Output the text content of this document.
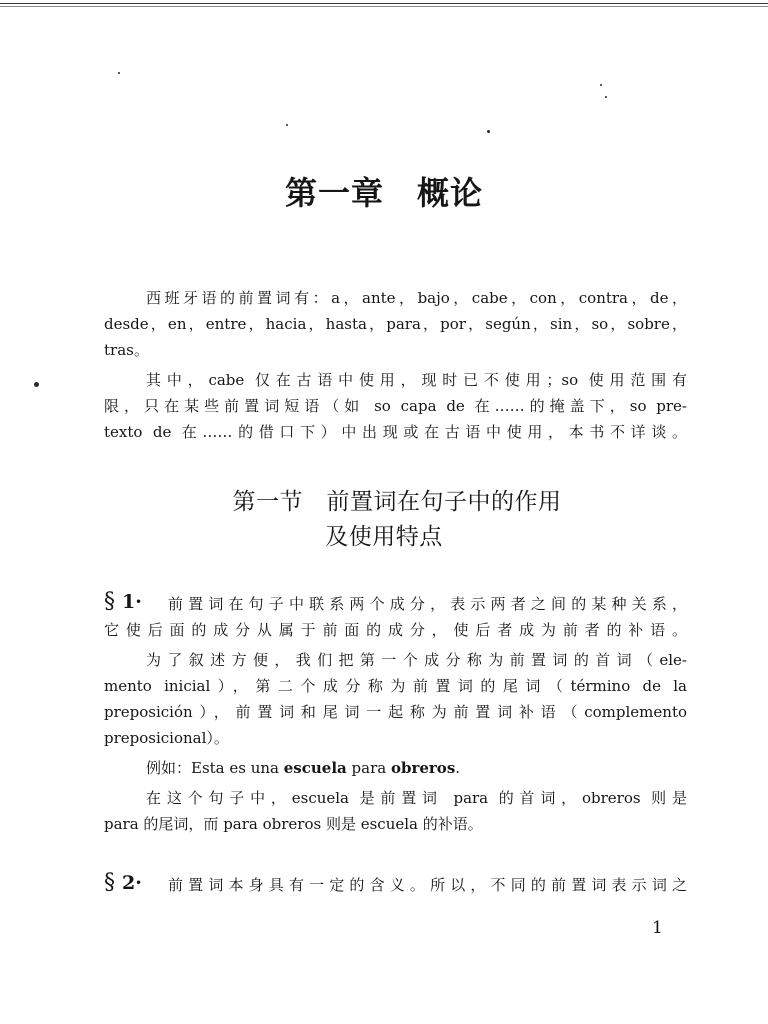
第一章　概论
西班牙语的前置词有：a，ante，bajo，cabe，con，contra，de，
desde，en，entre，hacia，hasta，para，por，según，sin，so，sobre，
tras。
其中，cabe 仅在古语中使用，现时已不使用；so 使用范围有
限，只在某些前置词短语（如 so capa de 在……的掩盖下，so pre-
texto de 在……的借口下）中出现或在古语中使用，本书不详谈。
第一节　前置词在句子中的作用
及使用特点
§ 1· 前置词在句子中联系两个成分，表示两者之间的某种关系，
它使后面的成分从属于前面的成分，使后者成为前者的补语。
为了叙述方便，我们把第一个成分称为前置词的首词（ele-
mento inicial），第二个成分称为前置词的尾词（término de la
preposición），前置词和尾词一起称为前置词补语（complemento
preposicional）。
例如：Esta es una escuela para obreros.
在这个句子中，escuela 是前置词 para 的首词，obreros 则是
para 的尾词，而 para obreros 则是 escuela 的补语。
§ 2· 前置词本身具有一定的含义。所以，不同的前置词表示词之
1
